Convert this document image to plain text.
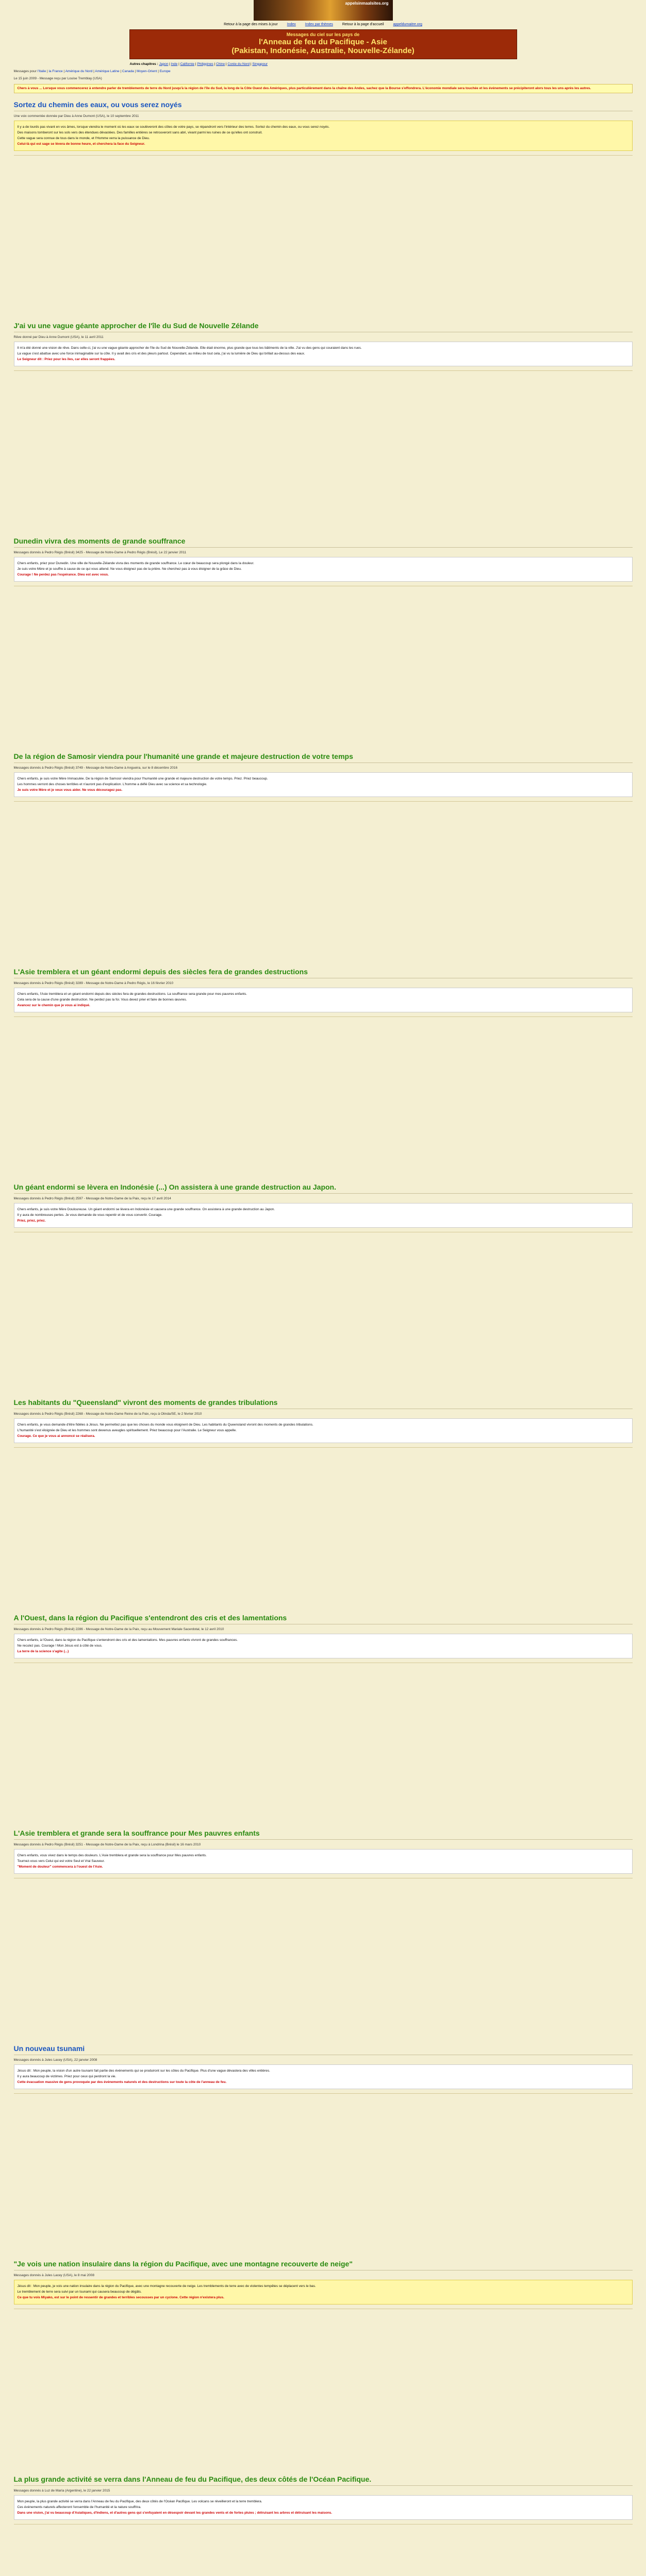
appelsinmaalsites.org
Retour à la page des mises à jour	Index	Index par thèmes	Retour à la page d'accueil	appeldumaitre.org
Messages du ciel sur les pays de
l'Anneau de feu du Pacifique - Asie
(Pakistan, Indonésie, Australie, Nouvelle-Zélande)
Autres chapitres : Japon | Inde | Californie | Philippines | Chine | Corée du Nord | Singapour
Messages pour l'Italie | la France | Amérique du Nord | Amérique Latine | Canada | Moyen-Orient | Europe
Le 15 juin 2009 - Message reçu par Louise Tremblay (USA)
Chers à vous ... Lorsque vous commencerez à entendre parler de tremblements de terre du Nord jusqu'à la région de l'île du Sud, la long de la Côte Ouest des Amériques, plus particulièrement dans la chaîne des Andes, sachez que la Bourse s'effondrera. L'économie mondiale sera touchée et les événements se précipiteront alors tous les uns après les autres.
Sortez du chemin des eaux, ou vous serez noyés
Une voix commentée donnée par Dieu à Anne Dumont (USA), le 10 septembre 2011
Il y a de lourds pas vivant en vos âmes, lorsque viendra le moment où les eaux se soulèveront des côtes de votre pays, se répandront vers l'intérieur des terres. Sortez du chemin des eaux, ou vous serez noyés.
Des maisons tomberont sur les sols vers des étendues dévastées. Des familles entières se retrouveront sans abri, vivant parmi les ruines de ce qu'elles ont construit.
Cette vague sera connue de tous dans le monde, et l'Homme verra la puissance de Dieu.
Celui-là qui est sage se lèvera de bonne heure, et cherchera la face du Seigneur.
J'ai vu une vague géante approcher de l'île du Sud de Nouvelle Zélande
Rêve donné par Dieu à Anne Dumont (USA), le 11 avril 2011
Il m'a été donné une vision de rêve. Dans celle-ci, j'ai vu une vague géante approcher de l'île du Sud de Nouvelle-Zélande. Elle était énorme, plus grande que tous les bâtiments de la ville. J'ai vu des gens qui couraient dans les rues.
La vague s'est abattue avec une force inimaginable sur la côte. Il y avait des cris et des pleurs partout. Cependant, au milieu de tout cela, j'ai vu la lumière de Dieu qui brillait au-dessus des eaux.
Le Seigneur dit : Priez pour les îles, car elles seront frappées.
Dunedin vivra des moments de grande souffrance
Messages donnés à Pedro Régis (Brésil) 3425 - Message de Notre-Dame à Pedro Régis (Brésil), Le 22 janvier 2011
Chers enfants, priez pour Dunedin. Une ville de Nouvelle-Zélande vivra des moments de grande souffrance. Le cœur de beaucoup sera plongé dans la douleur.
Je suis votre Mère et je souffre à cause de ce qui vous attend. Ne vous éloignez pas de la prière. Ne cherchez pas à vous éloigner de la grâce de Dieu.
Courage ! Ne perdez pas l'espérance. Dieu est avec vous.
De la région de Samosir viendra pour l'humanité une grande et majeure destruction de votre temps
Messages donnés à Pedro Régis (Brésil) 3749 - Message de Notre-Dame à Angueira, sur le 8 décembre 2016
Chers enfants, je suis votre Mère Immaculée. De la région de Samosir viendra pour l'humanité une grande et majeure destruction de votre temps. Priez. Priez beaucoup.
Les hommes verront des choses terribles et n'auront pas d'explication. L'homme a défié Dieu avec sa science et sa technologie.
Je suis votre Mère et je veux vous aider. Ne vous découragez pas.
L'Asie tremblera et un géant endormi depuis des siècles fera de grandes destructions
Messages donnés à Pedro Régis (Brésil) 3289 - Message de Notre-Dame à Pedro Régis, le 16 février 2010
Chers enfants, l'Asie tremblera et un géant endormi depuis des siècles fera de grandes destructions. La souffrance sera grande pour mes pauvres enfants.
Cela sera de la cause d'une grande destruction. Ne perdez pas la foi. Vous devez prier et faire de bonnes œuvres.
Avancez sur le chemin que je vous ai indiqué.
Un géant endormi se lèvera en Indonésie (...) On assistera à une grande destruction au Japon.
Messages donnés à Pedro Régis (Brésil) 2597 - Message de Notre-Dame de la Paix, reçu le 17 avril 2014
Chers enfants, je suis votre Mère Douloureuse. Un géant endormi se lèvera en Indonésie et causera une grande souffrance. On assistera à une grande destruction au Japon.
Il y aura de nombreuses pertes. Je vous demande de vous repentir et de vous convertir. Courage.
Priez, priez, priez.
Les habitants du "Queensland" vivront des moments de grandes tribulations
Messages donnés à Pedro Régis (Brésil) 2268 - Message de Notre-Dame Reine de la Paix, reçu à Olinda/SE, le 2 février 2010
Chers enfants, je vous demande d'être fidèles à Jésus. Ne permettez pas que les choses du monde vous éloignent de Dieu. Les habitants du Queensland vivront des moments de grandes tribulations.
L'humanité s'est éloignée de Dieu et les hommes sont devenus aveugles spirituellement. Priez beaucoup pour l'Australie. Le Seigneur vous appelle.
Courage. Ce que je vous ai annoncé se réalisera.
A l'Ouest, dans la région du Pacifique s'entendront des cris et des lamentations
Messages donnés à Pedro Régis (Brésil) 2286 - Message de Notre-Dame de la Paix, reçu au Mouvement Mariale Sacerdotal, le 12 avril 2010
Chers enfants, à l'Ouest, dans la région du Pacifique s'entendront des cris et des lamentations. Mes pauvres enfants vivront de grandes souffrances.
Ne reculez pas. Courage ! Mon Jésus est à côté de vous.
La terre de la science s'agite (...)
L'Asie tremblera et grande sera la souffrance pour Mes pauvres enfants
Messages donnés à Pedro Régis (Brésil) 3251 - Message de Notre-Dame de la Paix, reçu à Londrina (Brésil) le 16 mars 2010
Chers enfants, vous vivez dans le temps des douleurs. L'Asie tremblera et grande sera la souffrance pour Mes pauvres enfants.
Tournez-vous vers Celui qui est votre Seul et Vrai Sauveur.
"Moment de douleur" commencera à l'ouest de l'Asie.
Un nouveau tsunami
Messages donnés à Jules Lacey (USA), 22 janvier 2008
Jésus dit : Mon peuple, la vision d'un autre tsunami fait partie des événements qui se produiront sur les côtes du Pacifique. Plus d'une vague dévastera des villes entières.
Il y aura beaucoup de victimes. Priez pour ceux qui perdront la vie.
Cette évacuation massive de gens provoquée par des événements naturels et des destructions sur toute la côte de l'anneau de feu.
"Je vois une nation insulaire dans la région du Pacifique, avec une montagne recouverte de neige"
Messages donnés à Jules Lacey (USA), le 8 mai 2008
Jésus dit : Mon peuple, je vois une nation insulaire dans la région du Pacifique, avec une montagne recouverte de neige. Les tremblements de terre avec de violentes tempêtes se déplacent vers le bas.
Le tremblement de terre sera suivi par un tsunami qui causera beaucoup de dégâts.
Ce que tu vois Miyako, est sur le point de ressentir de grandes et terribles secousses par un cyclone. Cette région n'existera plus.
La plus grande activité se verra dans l'Anneau de feu du Pacifique, des deux côtés de l'Océan Pacifique.
Messages donnés à Luz de María (Argentine), le 22 janvier 2015
Mon peuple, la plus grande activité se verra dans l'Anneau de feu du Pacifique, des deux côtés de l'Océan Pacifique. Les volcans se réveilleront et la terre tremblera.
Ces événements naturels affecteront l'ensemble de l'humanité et la nature souffrira.
Dans une vision, j'ai vu beaucoup d'Asiatiques, d'Indiens, et d'autres gens qui s'enfuyaient en désespoir devant les grandes vents et de fortes pluies ; détruisant les arbres et détruisant les maisons.
